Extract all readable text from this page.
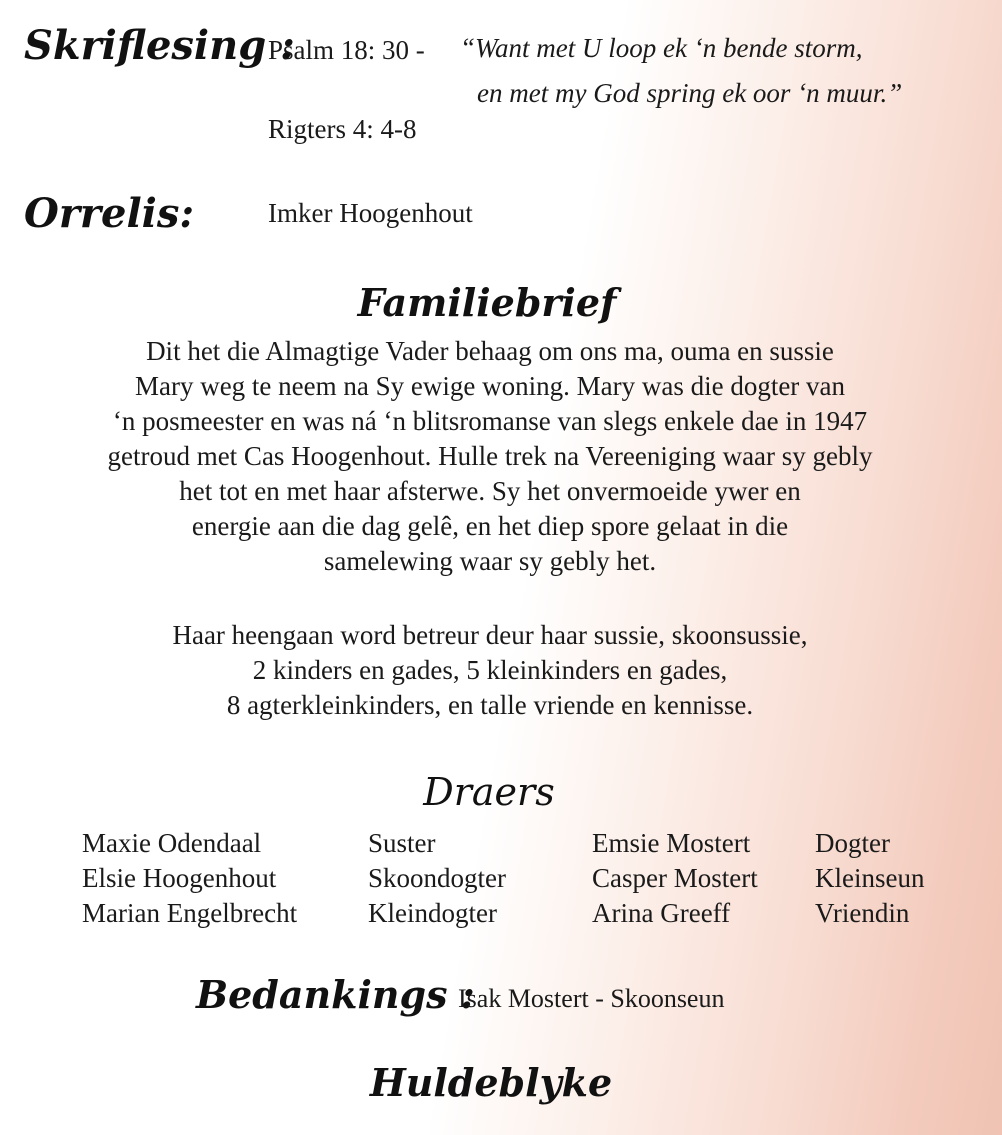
Skriflesing :

Psalm 18: 30 - “Want met U loop ek ‘n bende storm,

en met my God spring ek oor ‘n muur.”

Rigters 4: 4-8

Orrelis:	Imker Hoogenhout

Familiebrief
Dit het die Almagtige Vader behaag om ons ma, ouma en sussie
Mary weg te neem na Sy ewige woning. Mary was die dogter van
‘n posmeester en was ná ‘n blitsromanse van slegs enkele dae in 1947
getroud met Cas Hoogenhout. Hulle trek na Vereeniging waar sy gebly
het tot en met haar afsterwe. Sy het onvermoeide ywer en
energie aan die dag gelê, en het diep spore gelaat in die
samelewing waar sy gebly het.
Haar heengaan word betreur deur haar sussie, skoonsussie,
2 kinders en gades, 5 kleinkinders en gades,
8 agterkleinkinders, en talle vriende en kennisse.
Draers
Maxie Odendaal
Elsie Hoogenhout
Marian Engelbrecht
Suster
Skoondogter
Kleindogter
Emsie Mostert
Casper Mostert
Arina Greeff
Dogter
Kleinseun
Vriendin
Bedankings :

Isak Mostert - Skoonseun

Huldeblyke
